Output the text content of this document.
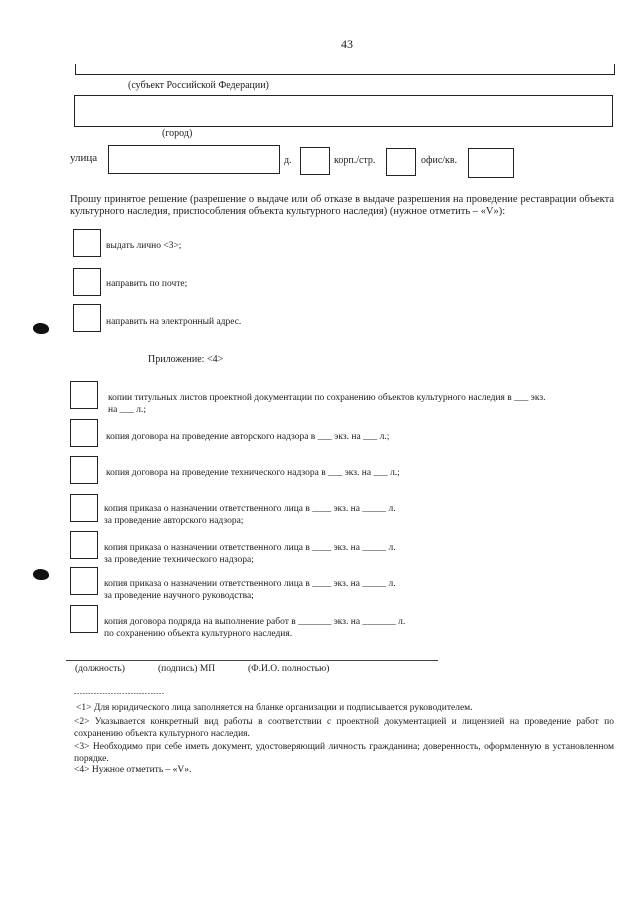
43
(субъект Российской Федерации)
(город)
улица	д.	корп./стр.	офис/кв.
Прошу принятое решение (разрешение о выдаче или об отказе в выдаче разрешения на проведение реставрации объекта культурного наследия, приспособления объекта культурного наследия) (нужное отметить – «V»):
выдать лично <3>;
направить по почте;
направить на электронный адрес.
Приложение: <4>
копии титульных листов проектной документации по сохранению объектов культурного наследия в ___ экз.
на ___ л.;
копия договора на проведение авторского надзора в ___ экз. на ___ л.;
копия договора на проведение технического надзора в ___ экз. на ___ л.;
копия приказа о назначении ответственного лица в ____ экз. на _____ л.
за проведение авторского надзора;
копия приказа о назначении ответственного лица в ____ экз. на _____ л.
за проведение технического надзора;
копия приказа о назначении ответственного лица в ____ экз. на _____ л.
за проведение научного руководства;
копия договора подряда на выполнение работ в _______ экз. на _______ л.
по сохранению объекта культурного наследия.
(должность)	(подпись) МП	(Ф.И.О. полностью)
--------------------------------
<1> Для юридического лица заполняется на бланке организации и подписывается руководителем.
<2> Указывается конкретный вид работы в соответствии с проектной документацией и лицензией на проведение работ по сохранению объекта культурного наследия.
<3> Необходимо при себе иметь документ, удостоверяющий личность гражданина; доверенность, оформленную в установленном порядке.
<4> Нужное отметить – «V».
